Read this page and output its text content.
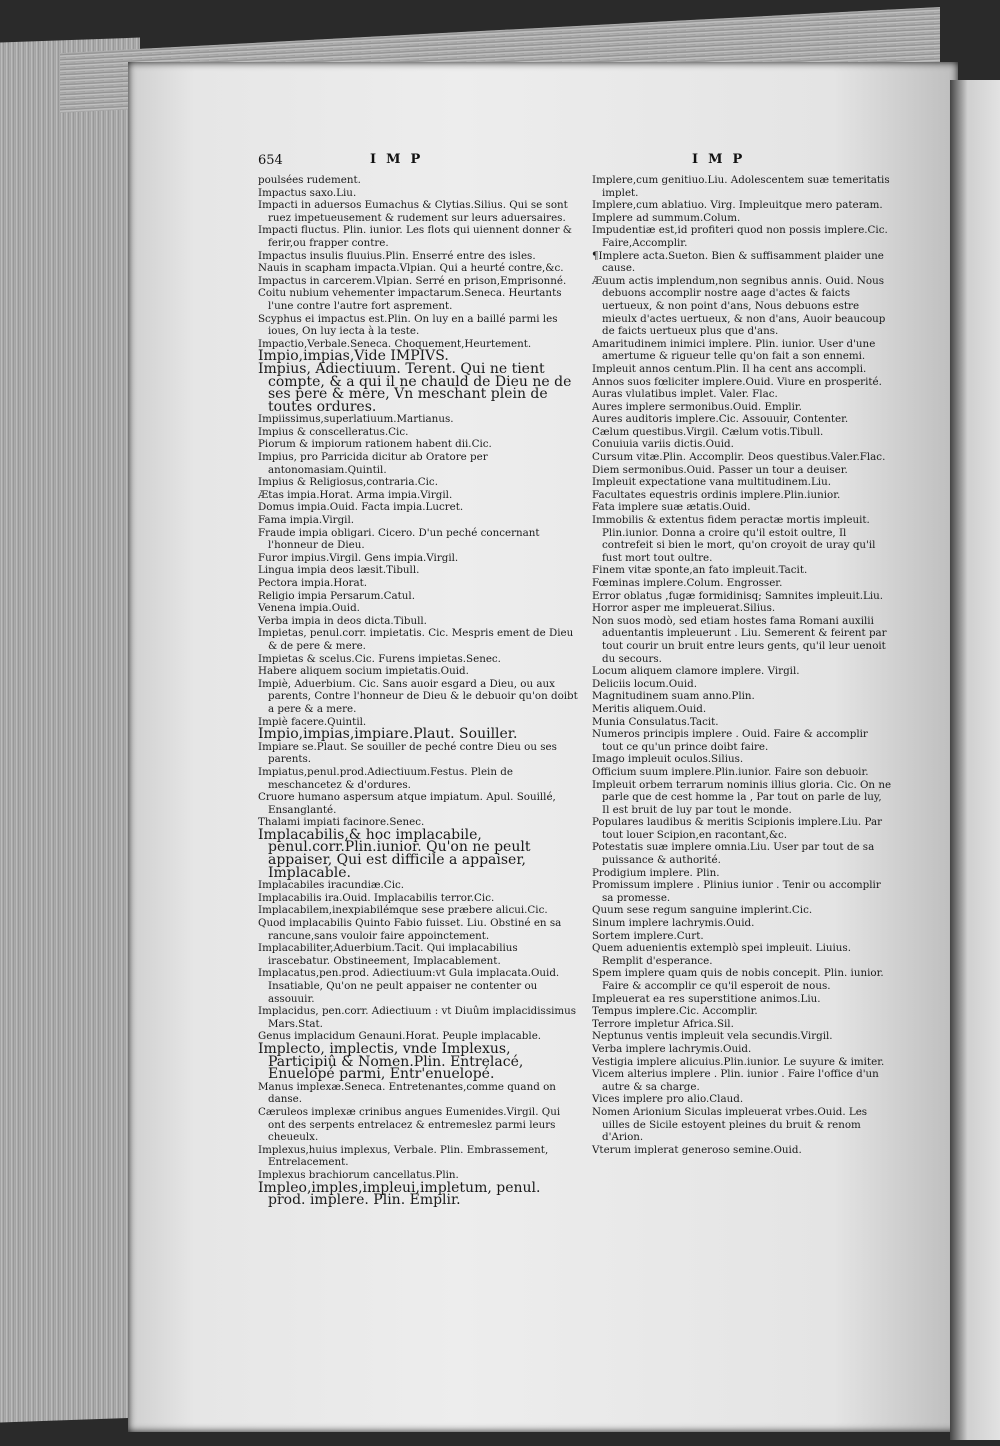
654	IMP	IMP

poulsées rudement.

Impactus saxo.Liu.

Impacti in aduersos Eumachus & Clytias.Silius. Qui se sont ruez impetueusement & rudement sur leurs aduersaires.

Impacti fluctus. Plin. iunior. Les flots qui uiennent donner & ferir,ou frapper contre.

Impactus insulis fluuius.Plin. Enserré entre des isles.

Nauis in scapham impacta.Vlpian. Qui a heurté contre,&c.

Impactus in carcerem.Vlpian. Serré en prison,Emprisonné.

Coitu nubium vehementer impactarum.Seneca. Heurtants l'une contre l'autre fort asprement.

Scyphus ei impactus est.Plin. On luy en a baillé parmi les ioues, On luy iecta à la teste.

Impactio,Verbale.Seneca. Choquement,Heurtement.

Impio,impias,Vide IMPIVS.

Impius, Adiectiuum. Terent. Qui ne tient compte, & a qui il ne chauld de Dieu ne de ses pere & mere, Vn meschant plein de toutes ordures.

Impiissimus,superlatiuum.Martianus.

Impius & conscelleratus.Cic.

Piorum & impiorum rationem habent dii.Cic.

Impius, pro Parricida dicitur ab Oratore per antonomasiam.Quintil.

Impius & Religiosus,contraria.Cic.

Ætas impia.Horat. Arma impia.Virgil.

Domus impia.Ouid. Facta impia.Lucret.

Fama impia.Virgil.

Fraude impia obligari. Cicero. D'un peché concernant l'honneur de Dieu.

Furor impius.Virgil. Gens impia.Virgil.

Lingua impia deos læsit.Tibull.

Pectora impia.Horat.

Religio impia Persarum.Catul.

Venena impia.Ouid.

Verba impia in deos dicta.Tibull.

Impietas, penul.corr. impietatis. Cic. Mespris ement de Dieu & de pere & mere.

Impietas & scelus.Cic. Furens impietas.Senec.

Habere aliquem socium impietatis.Ouid.

Impiè, Aduerbium. Cic. Sans auoir esgard a Dieu, ou aux parents, Contre l'honneur de Dieu & le debuoir qu'on doibt a pere & a mere.

Impiè facere.Quintil.

Impio,impias,impiare.Plaut. Souiller.

Impiare se.Plaut. Se souiller de peché contre Dieu ou ses parents.

Impiatus,penul.prod.Adiectiuum.Festus. Plein de meschancetez & d'ordures.

Cruore humano aspersum atque impiatum. Apul. Souillé, Ensanglanté.

Thalami impiati facinore.Senec.

Implacabilis,& hoc implacabile, penul.corr.Plin.iunior. Qu'on ne peult appaiser, Qui est difficile a appaiser, Implacable.

Implacabiles iracundiæ.Cic.

Implacabilis ira.Ouid. Implacabilis terror.Cic.

Implacabilem,inexpiabilémque sese præbere alicui.Cic.

Quod implacabilis Quinto Fabio fuisset. Liu. Obstiné en sa rancune,sans vouloir faire appoinctement.

Implacabiliter,Aduerbium.Tacit. Qui implacabilius irascebatur. Obstineement, Implacablement.

Implacatus,pen.prod. Adiectiuum:vt Gula implacata.Ouid. Insatiable, Qu'on ne peult appaiser ne contenter ou assouuir.

Implacidus, pen.corr. Adiectiuum : vt Diuûm implacidissimus Mars.Stat.

Genus implacidum Genauni.Horat. Peuple implacable.

Implecto, implectis, vnde Implexus, Participiû & Nomen.Plin. Entrelacé, Enuelopé parmi, Entr'enuelopé.

Manus implexæ.Seneca. Entretenantes,comme quand on danse.

Cæruleos implexæ crinibus angues Eumenides.Virgil. Qui ont des serpents entrelacez & entremeslez parmi leurs cheueulx.

Implexus,huius implexus, Verbale. Plin. Embrassement, Entrelacement.

Implexus brachiorum cancellatus.Plin.

Impleo,imples,impleui,impletum, penul. prod. implere. Plin. Emplir.

Implere,cum genitiuo.Liu. Adolescentem suæ temeritatis implet.

Implere,cum ablatiuo. Virg. Impleuitque mero pateram.

Implere ad summum.Colum.

Impudentiæ est,id profiteri quod non possis implere.Cic. Faire,Accomplir.

¶Implere acta.Sueton. Bien & suffisamment plaider une cause.

Æuum actis implendum,non segnibus annis. Ouid. Nous debuons accomplir nostre aage d'actes & faicts uertueux, & non point d'ans, Nous debuons estre mieulx d'actes uertueux, & non d'ans, Auoir beaucoup de faicts uertueux plus que d'ans.

Amaritudinem inimici implere. Plin. iunior. User d'une amertume & rigueur telle qu'on fait a son ennemi.

Impleuit annos centum.Plin. Il ha cent ans accompli.

Annos suos fœliciter implere.Ouid. Viure en prosperité.

Auras vlulatibus implet. Valer. Flac.

Aures implere sermonibus.Ouid. Emplir.

Aures auditoris implere.Cic. Assouuir, Contenter.

Cælum questibus.Virgil. Cælum votis.Tibull.

Conuiuia variis dictis.Ouid.

Cursum vitæ.Plin. Accomplir. Deos questibus.Valer.Flac.

Diem sermonibus.Ouid. Passer un tour a deuiser.

Impleuit expectatione vana multitudinem.Liu.

Facultates equestris ordinis implere.Plin.iunior.

Fata implere suæ ætatis.Ouid.

Immobilis & extentus fidem peractæ mortis impleuit. Plin.iunior. Donna a croire qu'il estoit oultre, Il contrefeit si bien le mort, qu'on croyoit de uray qu'il fust mort tout oultre.

Finem vitæ sponte,an fato impleuit.Tacit.

Fœminas implere.Colum. Engrosser.

Error oblatus ,fugæ formidinisq; Samnites impleuit.Liu.

Horror asper me impleuerat.Silius.

Non suos modò, sed etiam hostes fama Romani auxilii aduentantis impleuerunt . Liu. Semerent & feirent par tout courir un bruit entre leurs gents, qu'il leur uenoit du secours.

Locum aliquem clamore implere. Virgil.

Deliciis locum.Ouid.

Magnitudinem suam anno.Plin.

Meritis aliquem.Ouid.

Munia Consulatus.Tacit.

Numeros principis implere . Ouid. Faire & accomplir tout ce qu'un prince doibt faire.

Imago impleuit oculos.Silius.

Officium suum implere.Plin.iunior. Faire son debuoir.

Impleuit orbem terrarum nominis illius gloria. Cic. On ne parle que de cest homme la , Par tout on parle de luy, Il est bruit de luy par tout le monde.

Populares laudibus & meritis Scipionis implere.Liu. Par tout louer Scipion,en racontant,&c.

Potestatis suæ implere omnia.Liu. User par tout de sa puissance & authorité.

Prodigium implere. Plin.

Promissum implere . Plinius iunior . Tenir ou accomplir sa promesse.

Quum sese regum sanguine implerint.Cic.

Sinum implere lachrymis.Ouid.

Sortem implere.Curt.

Quem aduenientis extemplò spei impleuit. Liuius. Remplit d'esperance.

Spem implere quam quis de nobis concepit. Plin. iunior. Faire & accomplir ce qu'il esperoit de nous.

Impleuerat ea res superstitione animos.Liu.

Tempus implere.Cic. Accomplir.

Terrore impletur Africa.Sil.

Neptunus ventis impleuit vela secundis.Virgil.

Verba implere lachrymis.Ouid.

Vestigia implere alicuius.Plin.iunior. Le suyure & imiter.

Vicem alterius implere . Plin. iunior . Faire l'office d'un autre & sa charge.

Vices implere pro alio.Claud.

Nomen Arionium Siculas impleuerat vrbes.Ouid. Les uilles de Sicile estoyent pleines du bruit & renom d'Arion.

Vterum implerat generoso semine.Ouid.
